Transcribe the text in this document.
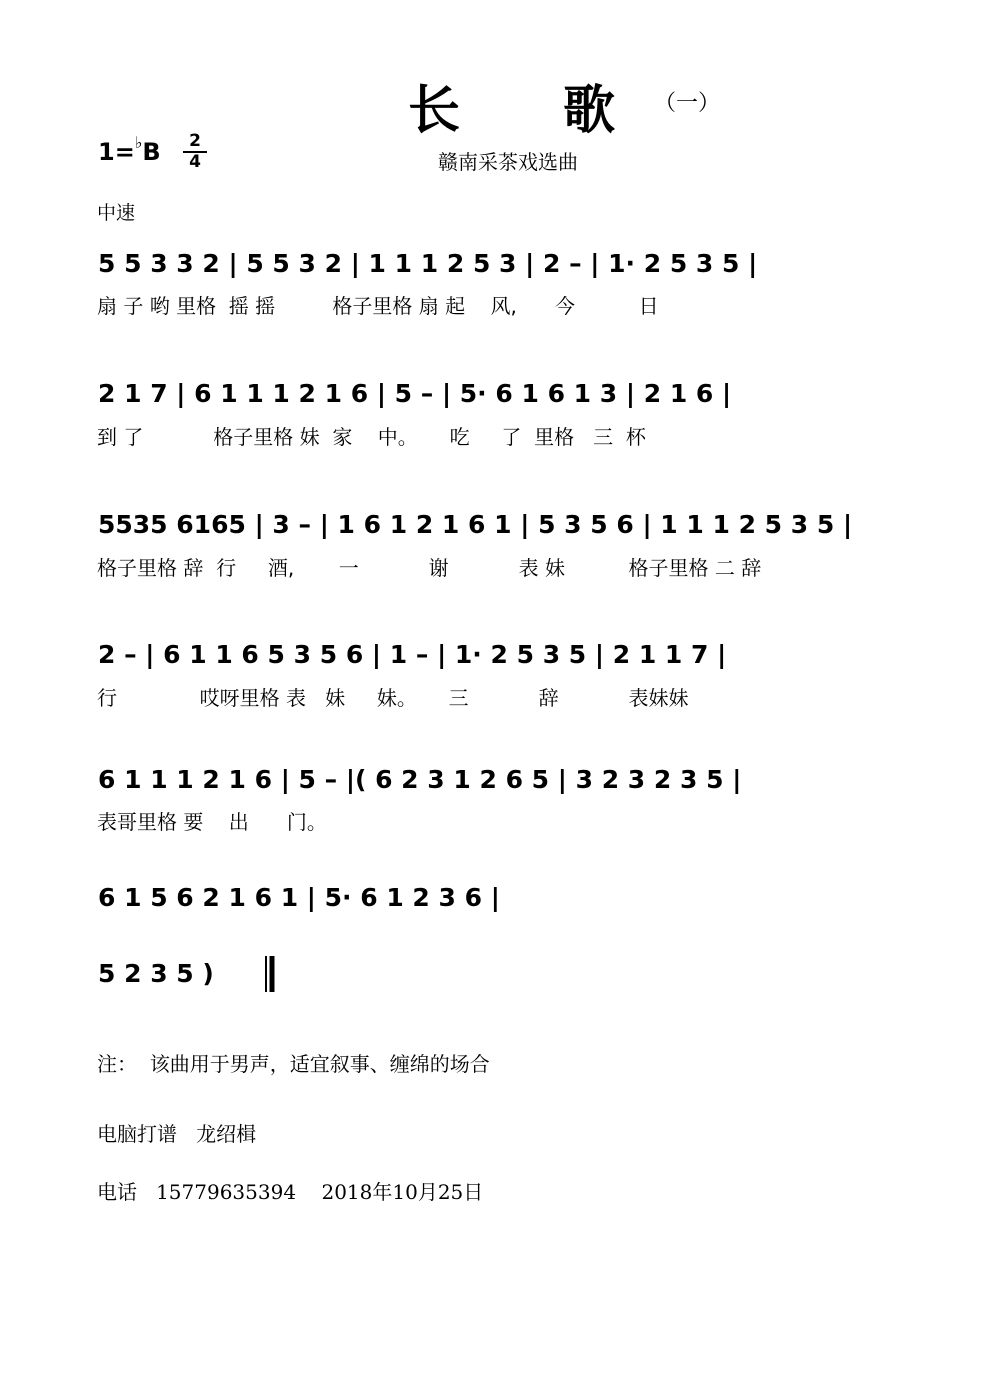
长 歌 （一）
1=♭B	2
4	赣南采茶戏选曲
中速
5 5 3 3 2 | 5 5 3 2 | 1 1 1 2 5 3 | 2 – | 1· 2 5 3 5 |
2 1 7 | 6 1 1 1 2 1 6 | 5 – | 5· 6 1 6 1 3 | 2 1 6 |
5535 6165 | 3 – | 1 6 1 2 1 6 1 | 5 3 5 6 | 1 1 1 2 5 3 5 |
2 – | 6 1 1 6 5 3 5 6 | 1 – | 1· 2 5 3 5 | 2 1 1 7 |
6 1 1 1 2 1 6 | 5 – |( 6 2 3 1 2 6 5 | 3 2 3 2 3 5 |
6 1 5 6 2 1 6 1 | 5· 6 1 2 3 6 |
5 2 3 5 )
扇 子 哟 里格  摇 摇         格子里格 扇 起    风,      今          日
到 了           格子里格 妹  家    中。     吃     了  里格   三  杯
格子里格 辞  行     酒,       一           谢           表 妹          格子里格 二 辞
行             哎呀里格 表   妹     妹。     三           辞           表妹妹
表哥里格 要    出      门。
注：  该曲用于男声，适宜叙事、缠绵的场合
电脑打谱   龙绍楫
电话   15779635394    2018年10月25日
